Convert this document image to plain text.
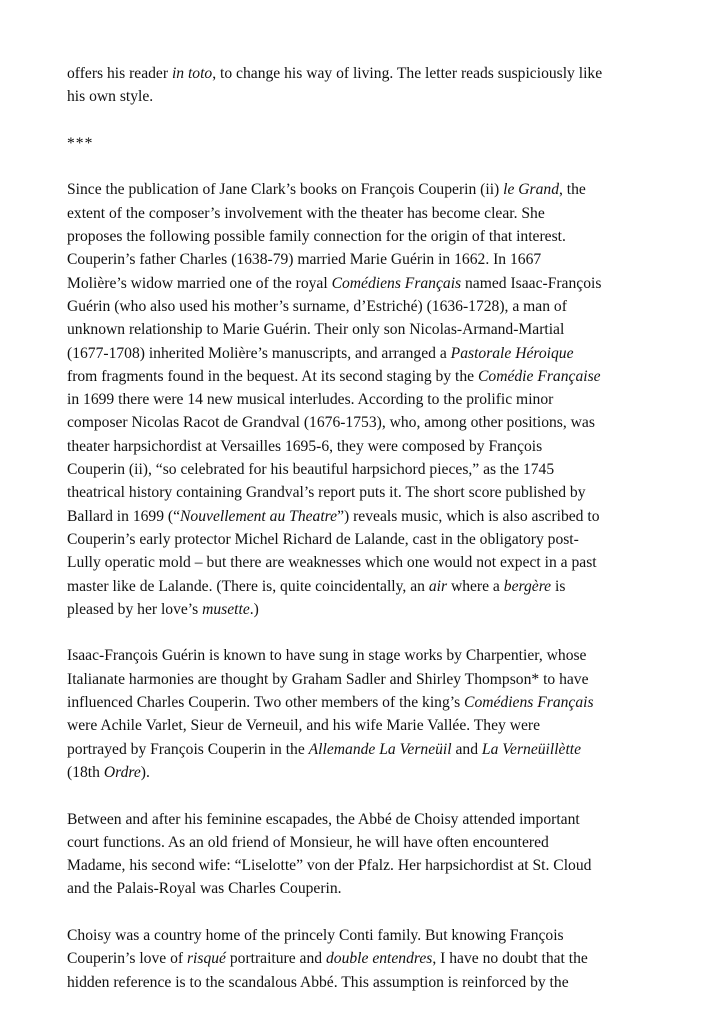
offers his reader in toto, to change his way of living. The letter reads suspiciously like
his own style.
***
Since the publication of Jane Clark’s books on François Couperin (ii) le Grand, the
extent of the composer’s involvement with the theater has become clear. She
proposes the following possible family connection for the origin of that interest.
Couperin’s father Charles (1638-79) married Marie Guérin in 1662. In 1667
Molière’s widow married one of the royal Comédiens Français named Isaac-François
Guérin (who also used his mother’s surname, d’Estriché) (1636-1728), a man of
unknown relationship to Marie Guérin. Their only son Nicolas-Armand-Martial
(1677-1708) inherited Molière’s manuscripts, and arranged a Pastorale Héroique
from fragments found in the bequest. At its second staging by the Comédie Française
in 1699 there were 14 new musical interludes. According to the prolific minor
composer Nicolas Racot de Grandval (1676-1753), who, among other positions, was
theater harpsichordist at Versailles 1695-6, they were composed by François
Couperin (ii), “so celebrated for his beautiful harpsichord pieces,” as the 1745
theatrical history containing Grandval’s report puts it. The short score published by
Ballard in 1699 (“Nouvellement au Theatre”) reveals music, which is also ascribed to
Couperin’s early protector Michel Richard de Lalande, cast in the obligatory post-
Lully operatic mold – but there are weaknesses which one would not expect in a past
master like de Lalande. (There is, quite coincidentally, an air where a bergère is
pleased by her love’s musette.)
Isaac-François Guérin is known to have sung in stage works by Charpentier, whose
Italianate harmonies are thought by Graham Sadler and Shirley Thompson* to have
influenced Charles Couperin. Two other members of the king’s Comédiens Français
were Achile Varlet, Sieur de Verneuil, and his wife Marie Vallée. They were
portrayed by François Couperin in the Allemande La Verneüil and La Verneüillètte
(18th Ordre).
Between and after his feminine escapades, the Abbé de Choisy attended important
court functions. As an old friend of Monsieur, he will have often encountered
Madame, his second wife: “Liselotte” von der Pfalz. Her harpsichordist at St. Cloud
and the Palais-Royal was Charles Couperin.
Choisy was a country home of the princely Conti family. But knowing François
Couperin’s love of risqué portraiture and double entendres, I have no doubt that the
hidden reference is to the scandalous Abbé. This assumption is reinforced by the
